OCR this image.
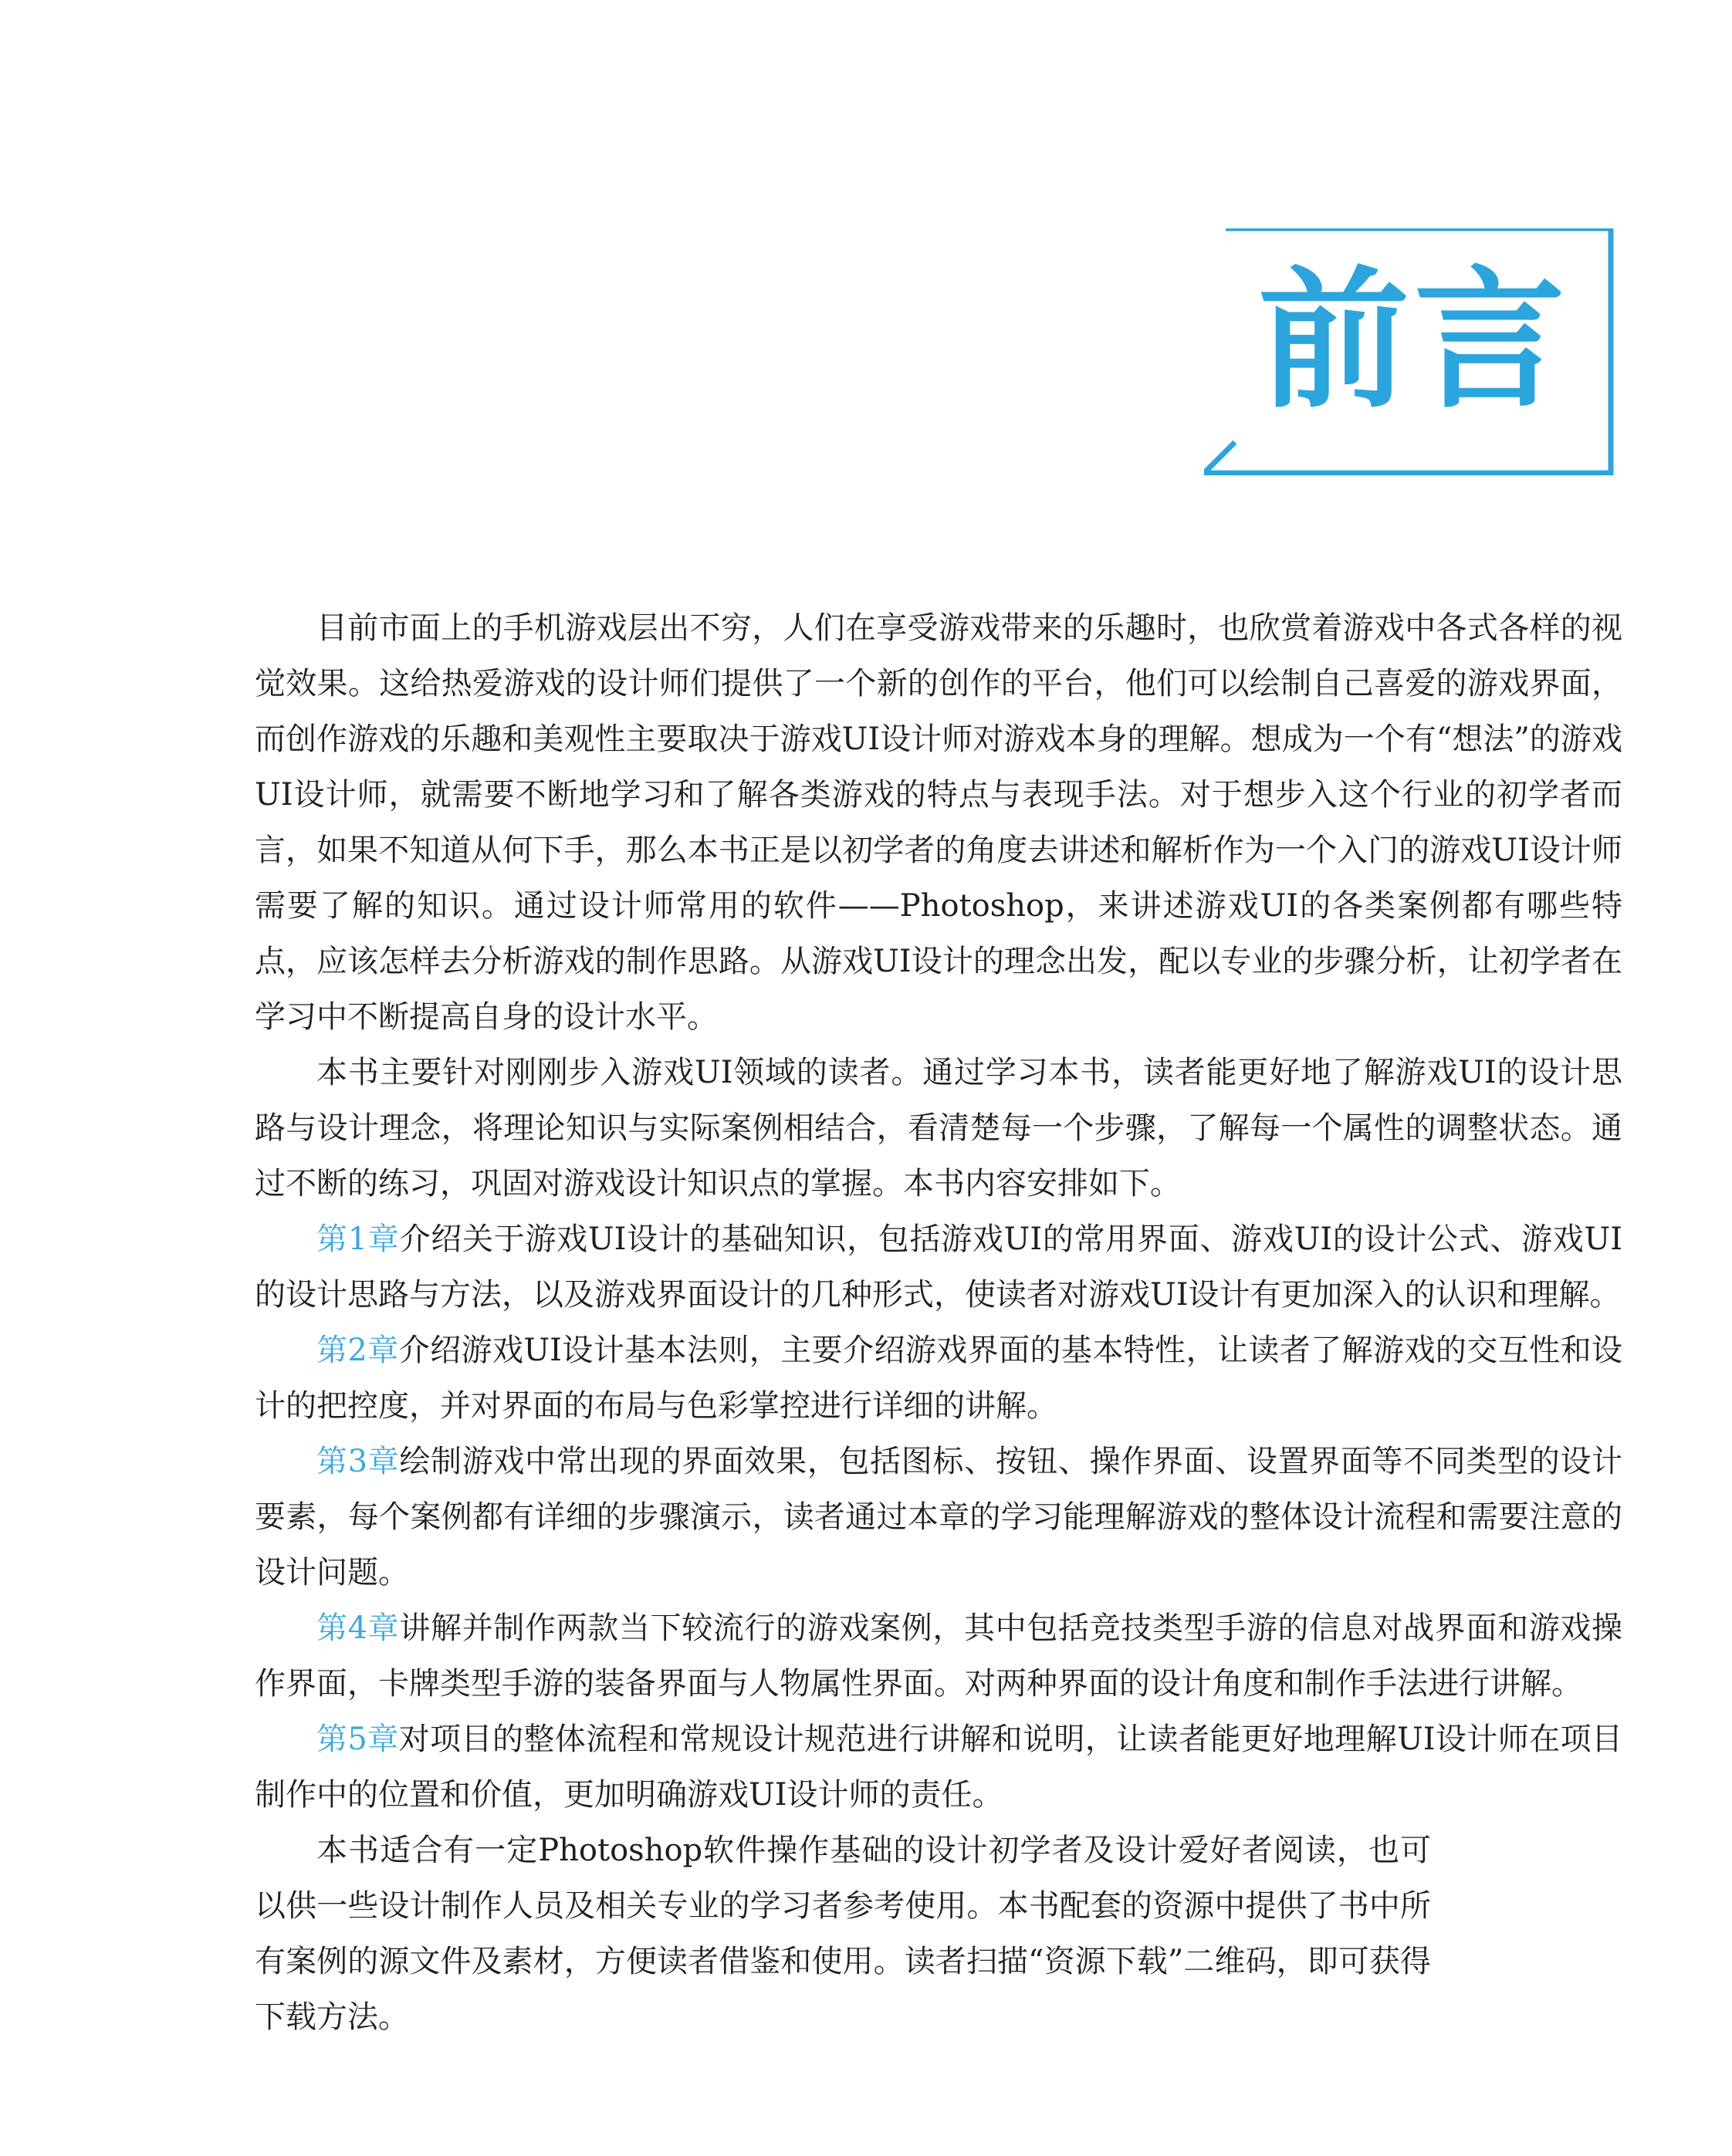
前言

目前市面上的手机游戏层出不穷，人们在享受游戏带来的乐趣时，也欣赏着游戏中各式各样的视觉效果。这给热爱游戏的设计师们提供了一个新的创作的平台，他们可以绘制自己喜爱的游戏界面，而创作游戏的乐趣和美观性主要取决于游戏UI设计师对游戏本身的理解。想成为一个有“想法”的游戏UI设计师，就需要不断地学习和了解各类游戏的特点与表现手法。对于想步入这个行业的初学者而言，如果不知道从何下手，那么本书正是以初学者的角度去讲述和解析作为一个入门的游戏UI设计师需要了解的知识。通过设计师常用的软件——Photoshop，来讲述游戏UI的各类案例都有哪些特点，应该怎样去分析游戏的制作思路。从游戏UI设计的理念出发，配以专业的步骤分析，让初学者在学习中不断提高自身的设计水平。

本书主要针对刚刚步入游戏UI领域的读者。通过学习本书，读者能更好地了解游戏UI的设计思路与设计理念，将理论知识与实际案例相结合，看清楚每一个步骤，了解每一个属性的调整状态。通过不断的练习，巩固对游戏设计知识点的掌握。本书内容安排如下。

第1章介绍关于游戏UI设计的基础知识，包括游戏UI的常用界面、游戏UI的设计公式、游戏UI的设计思路与方法，以及游戏界面设计的几种形式，使读者对游戏UI设计有更加深入的认识和理解。

第2章介绍游戏UI设计基本法则，主要介绍游戏界面的基本特性，让读者了解游戏的交互性和设计的把控度，并对界面的布局与色彩掌控进行详细的讲解。

第3章绘制游戏中常出现的界面效果，包括图标、按钮、操作界面、设置界面等不同类型的设计要素，每个案例都有详细的步骤演示，读者通过本章的学习能理解游戏的整体设计流程和需要注意的设计问题。

第4章讲解并制作两款当下较流行的游戏案例，其中包括竞技类型手游的信息对战界面和游戏操作界面，卡牌类型手游的装备界面与人物属性界面。对两种界面的设计角度和制作手法进行讲解。

第5章对项目的整体流程和常规设计规范进行讲解和说明，让读者能更好地理解UI设计师在项目制作中的位置和价值，更加明确游戏UI设计师的责任。

本书适合有一定Photoshop软件操作基础的设计初学者及设计爱好者阅读，也可以供一些设计制作人员及相关专业的学习者参考使用。本书配套的资源中提供了书中所有案例的源文件及素材，方便读者借鉴和使用。读者扫描“资源下载”二维码，即可获得下载方法。
